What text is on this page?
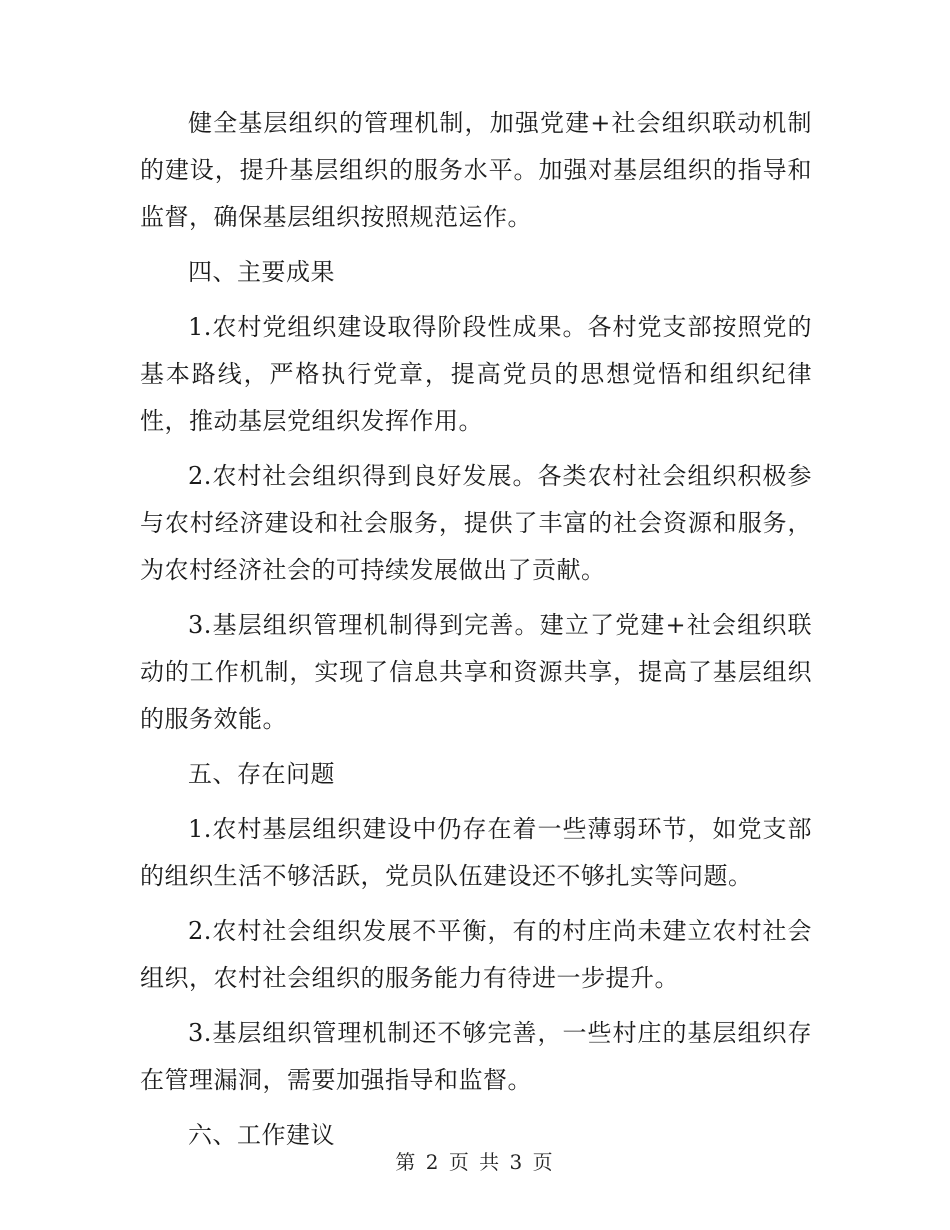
健全基层组织的管理机制，加强党建+社会组织联动机制的建设，提升基层组织的服务水平。加强对基层组织的指导和监督，确保基层组织按照规范运作。

四、主要成果

1.农村党组织建设取得阶段性成果。各村党支部按照党的基本路线，严格执行党章，提高党员的思想觉悟和组织纪律性，推动基层党组织发挥作用。

2.农村社会组织得到良好发展。各类农村社会组织积极参与农村经济建设和社会服务，提供了丰富的社会资源和服务，为农村经济社会的可持续发展做出了贡献。

3.基层组织管理机制得到完善。建立了党建+社会组织联动的工作机制，实现了信息共享和资源共享，提高了基层组织的服务效能。

五、存在问题

1.农村基层组织建设中仍存在着一些薄弱环节，如党支部的组织生活不够活跃，党员队伍建设还不够扎实等问题。

2.农村社会组织发展不平衡，有的村庄尚未建立农村社会组织，农村社会组织的服务能力有待进一步提升。

3.基层组织管理机制还不够完善，一些村庄的基层组织存在管理漏洞，需要加强指导和监督。

六、工作建议

第 2 页 共 3 页
